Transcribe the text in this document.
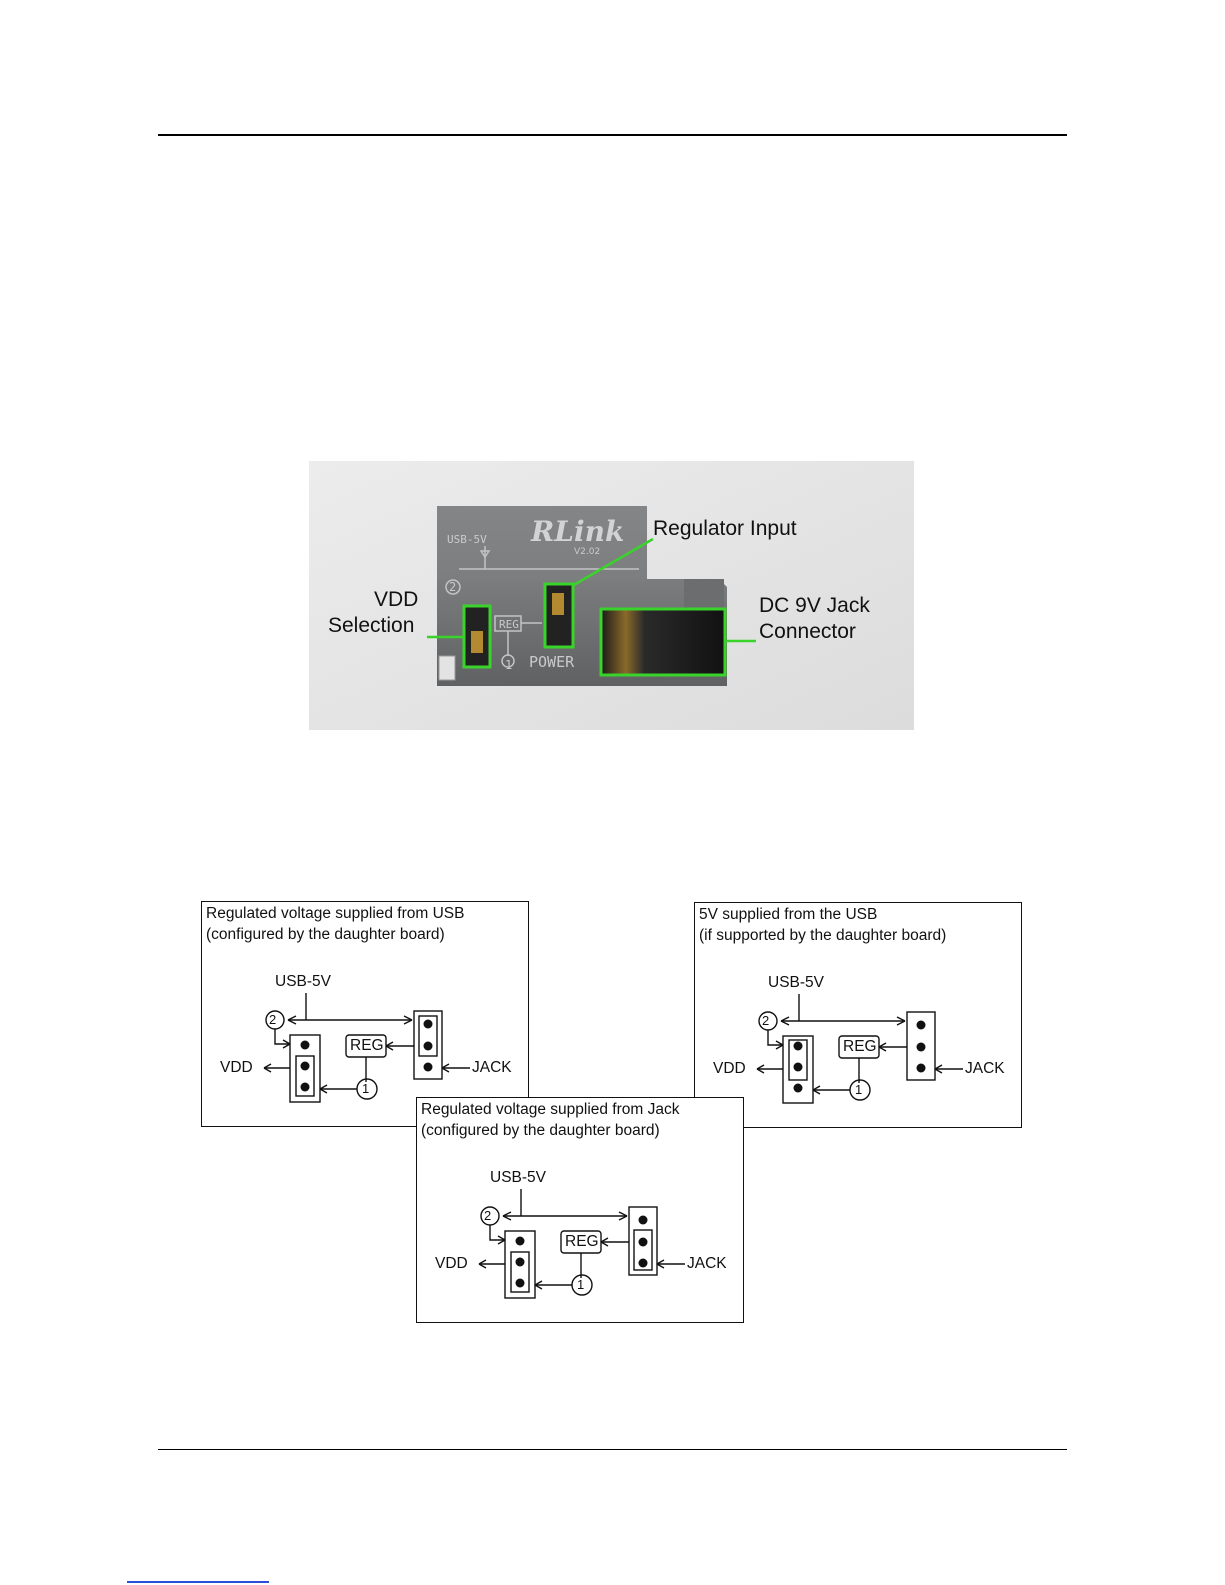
USB-5V
2
1
REG
POWER
RLink
V2.02
Regulator Input
VDD
Selection
DC 9V Jack
Connector
Regulated voltage supplied from USB
(configured by the daughter board)
USB-5V
2
REG
1
VDD	JACK
5V supplied from the USB
(if supported by the daughter board)
USB-5V
2
REG
1
VDD	JACK
Regulated voltage supplied from Jack
(configured by the daughter board)
USB-5V
2
REG
1
VDD	JACK
